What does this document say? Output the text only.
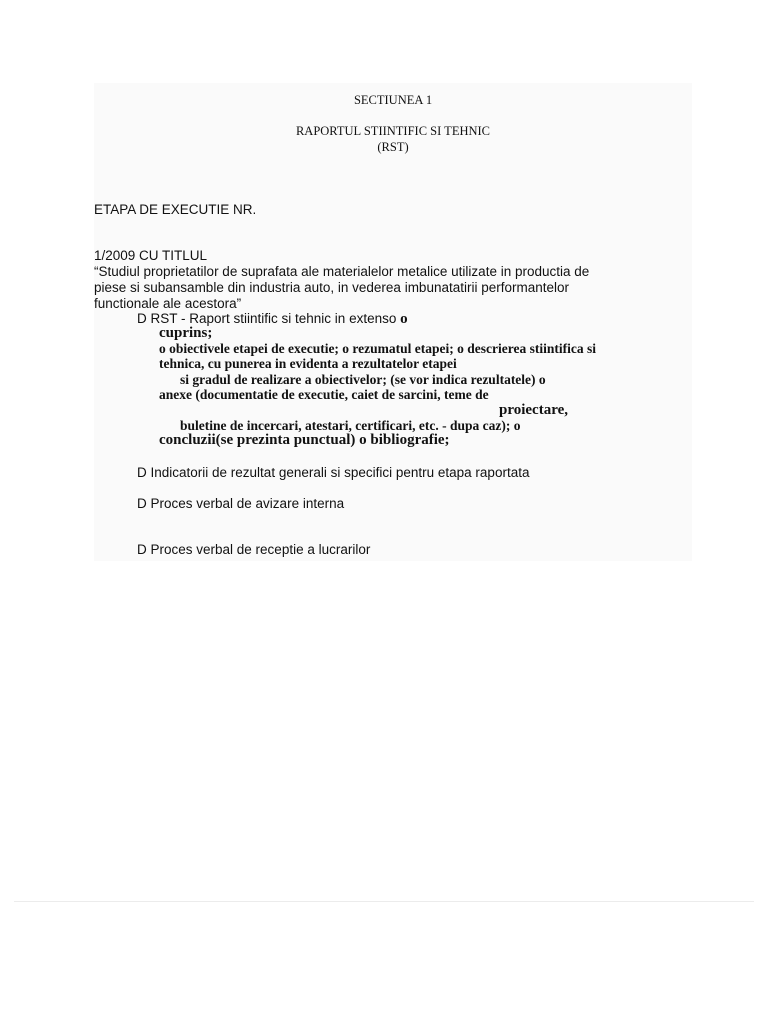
SECTIUNEA 1
RAPORTUL STIINTIFIC SI TEHNIC
(RST)
ETAPA DE EXECUTIE NR.
1/2009 CU TITLUL
“Studiul proprietatilor de suprafata ale materialelor metalice utilizate in productia de
piese si subansamble din industria auto, in vederea imbunatatirii performantelor
functionale ale acestora”
D RST - Raport stiintific si tehnic in extenso o
cuprins;
o obiectivele etapei de executie; o rezumatul etapei; o descrierea stiintifica si
tehnica, cu punerea in evidenta a rezultatelor etapei
si gradul de realizare a obiectivelor; (se vor indica rezultatele) o
anexe (documentatie de executie, caiet de sarcini, teme de
proiectare,
buletine de incercari, atestari, certificari, etc. - dupa caz); o
concluzii(se prezinta punctual) o bibliografie;
D Indicatorii de rezultat generali si specifici pentru etapa raportata
D Proces verbal de avizare interna
D Proces verbal de receptie a lucrarilor
